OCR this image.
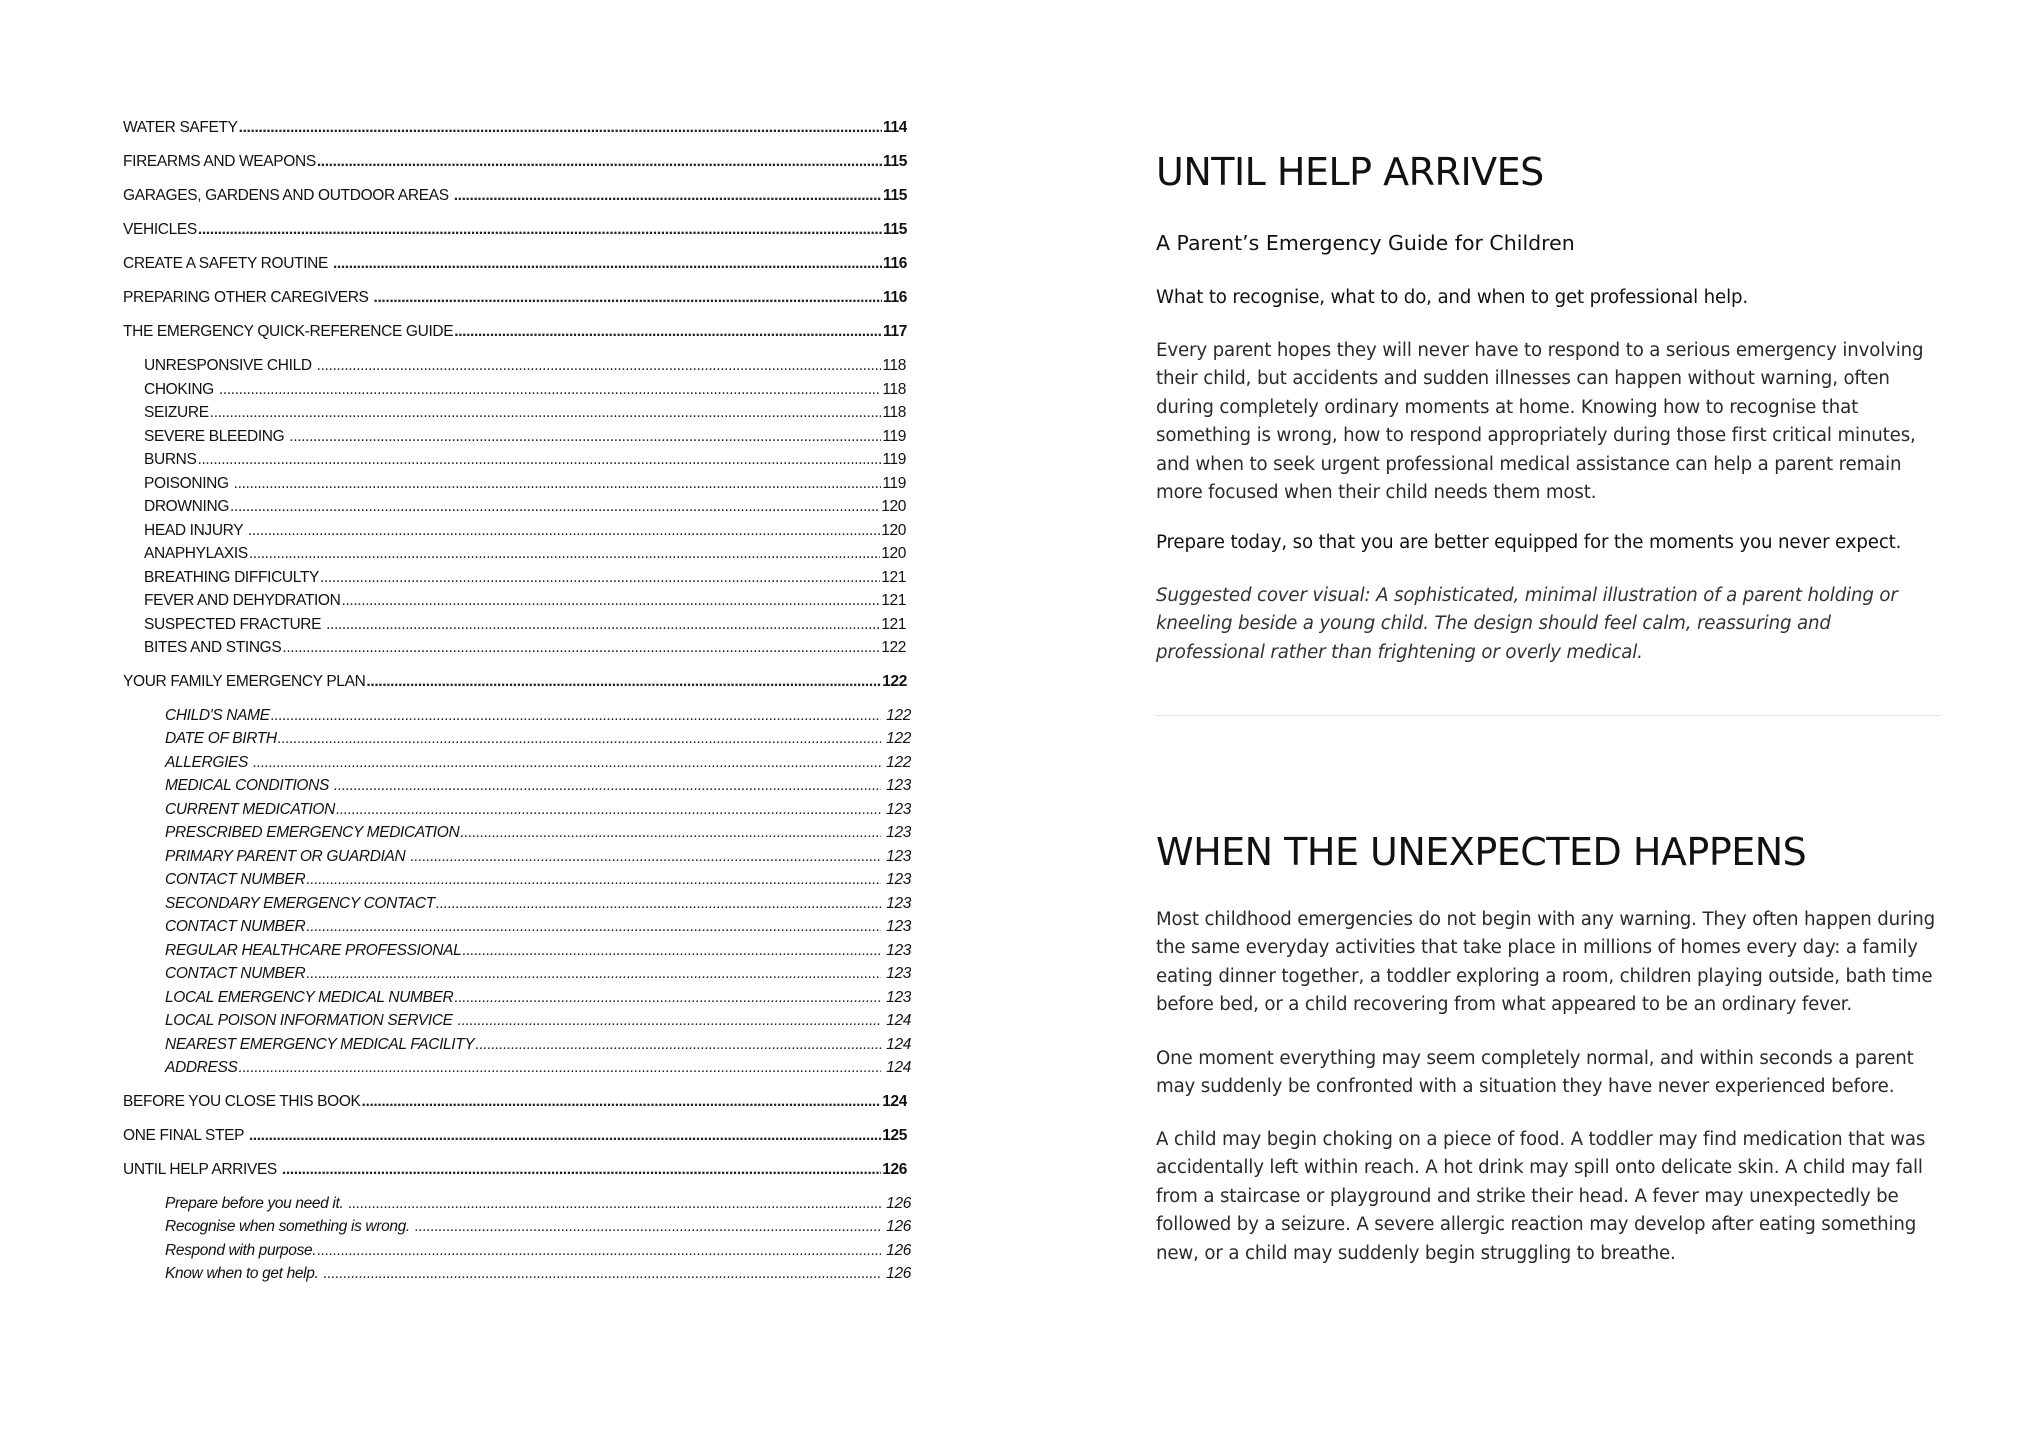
WATER SAFETY .....	114
FIREARMS AND WEAPONS .....	115
GARAGES, GARDENS AND OUTDOOR AREAS .....	115
VEHICLES .....	115
CREATE A SAFETY ROUTINE .....	116
PREPARING OTHER CAREGIVERS .....	116
THE EMERGENCY QUICK-REFERENCE GUIDE .....	117
UNRESPONSIVE CHILD .....	118
CHOKING .....	118
SEIZURE .....	118
SEVERE BLEEDING .....	119
BURNS .....	119
POISONING .....	119
DROWNING .....	120
HEAD INJURY .....	120
ANAPHYLAXIS .....	120
BREATHING DIFFICULTY .....	121
FEVER AND DEHYDRATION .....	121
SUSPECTED FRACTURE .....	121
BITES AND STINGS .....	122
YOUR FAMILY EMERGENCY PLAN .....	122
CHILD'S NAME .....	122
DATE OF BIRTH .....	122
ALLERGIES .....	122
MEDICAL CONDITIONS .....	123
CURRENT MEDICATION .....	123
PRESCRIBED EMERGENCY MEDICATION .....	123
PRIMARY PARENT OR GUARDIAN .....	123
CONTACT NUMBER .....	123
SECONDARY EMERGENCY CONTACT .....	123
CONTACT NUMBER .....	123
REGULAR HEALTHCARE PROFESSIONAL .....	123
CONTACT NUMBER .....	123
LOCAL EMERGENCY MEDICAL NUMBER .....	123
LOCAL POISON INFORMATION SERVICE .....	124
NEAREST EMERGENCY MEDICAL FACILITY .....	124
ADDRESS .....	124
BEFORE YOU CLOSE THIS BOOK .....	124
ONE FINAL STEP .....	125
UNTIL HELP ARRIVES .....	126
Prepare before you need it. .....	126
Recognise when something is wrong. .....	126
Respond with purpose. .....	126
Know when to get help. .....	126
UNTIL HELP ARRIVES

A Parent’s Emergency Guide for Children

What to recognise, what to do, and when to get professional help.

Every parent hopes they will never have to respond to a serious emergency involving their child, but accidents and sudden illnesses can happen without warning, often during completely ordinary moments at home. Knowing how to recognise that something is wrong, how to respond appropriately during those first critical minutes, and when to seek urgent professional medical assistance can help a parent remain more focused when their child needs them most.

Prepare today, so that you are better equipped for the moments you never expect.

Suggested cover visual: A sophisticated, minimal illustration of a parent holding or kneeling beside a young child. The design should feel calm, reassuring and professional rather than frightening or overly medical.

WHEN THE UNEXPECTED HAPPENS

Most childhood emergencies do not begin with any warning. They often happen during the same everyday activities that take place in millions of homes every day: a family eating dinner together, a toddler exploring a room, children playing outside, bath time before bed, or a child recovering from what appeared to be an ordinary fever.

One moment everything may seem completely normal, and within seconds a parent may suddenly be confronted with a situation they have never experienced before.

A child may begin choking on a piece of food. A toddler may find medication that was accidentally left within reach. A hot drink may spill onto delicate skin. A child may fall from a staircase or playground and strike their head. A fever may unexpectedly be followed by a seizure. A severe allergic reaction may develop after eating something new, or a child may suddenly begin struggling to breathe.
